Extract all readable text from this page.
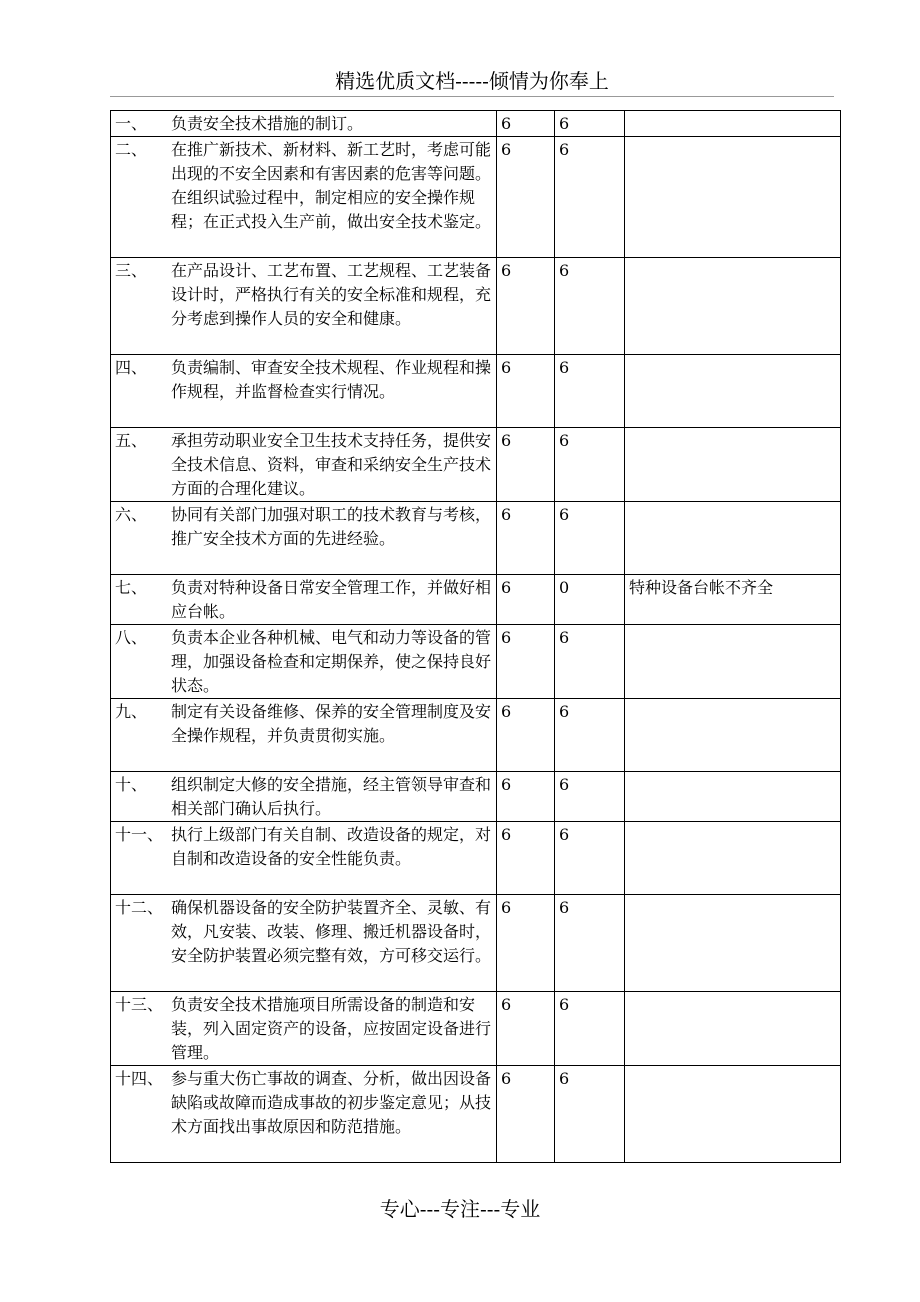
精选优质文档-----倾情为你奉上
一、 负责安全技术措施的制订。	6	6	

二、 在推广新技术、新材料、新工艺时，考虑可能出现的不安全因素和有害因素的危害等问题。在组织试验过程中，制定相应的安全操作规程；在正式投入生产前，做出安全技术鉴定。	6	6	

三、 在产品设计、工艺布置、工艺规程、工艺装备设计时，严格执行有关的安全标准和规程，充分考虑到操作人员的安全和健康。	6	6	

四、 负责编制、审查安全技术规程、作业规程和操作规程，并监督检查实行情况。	6	6	

五、 承担劳动职业安全卫生技术支持任务，提供安全技术信息、资料，审查和采纳安全生产技术方面的合理化建议。	6	6	

六、 协同有关部门加强对职工的技术教育与考核，推广安全技术方面的先进经验。	6	6	

七、 负责对特种设备日常安全管理工作，并做好相应台帐。	6	0	特种设备台帐不齐全

八、 负责本企业各种机械、电气和动力等设备的管理，加强设备检查和定期保养，使之保持良好状态。	6	6	

九、 制定有关设备维修、保养的安全管理制度及安全操作规程，并负责贯彻实施。	6	6	

十、 组织制定大修的安全措施，经主管领导审查和相关部门确认后执行。	6	6	

十一、 执行上级部门有关自制、改造设备的规定，对自制和改造设备的安全性能负责。	6	6	

十二、 确保机器设备的安全防护装置齐全、灵敏、有效，凡安装、改装、修理、搬迁机器设备时，安全防护装置必须完整有效，方可移交运行。	6	6	

十三、 负责安全技术措施项目所需设备的制造和安装，列入固定资产的设备，应按固定设备进行管理。	6	6	

十四、 参与重大伤亡事故的调查、分析，做出因设备缺陷或故障而造成事故的初步鉴定意见；从技术方面找出事故原因和防范措施。	6	6	
专心---专注---专业
